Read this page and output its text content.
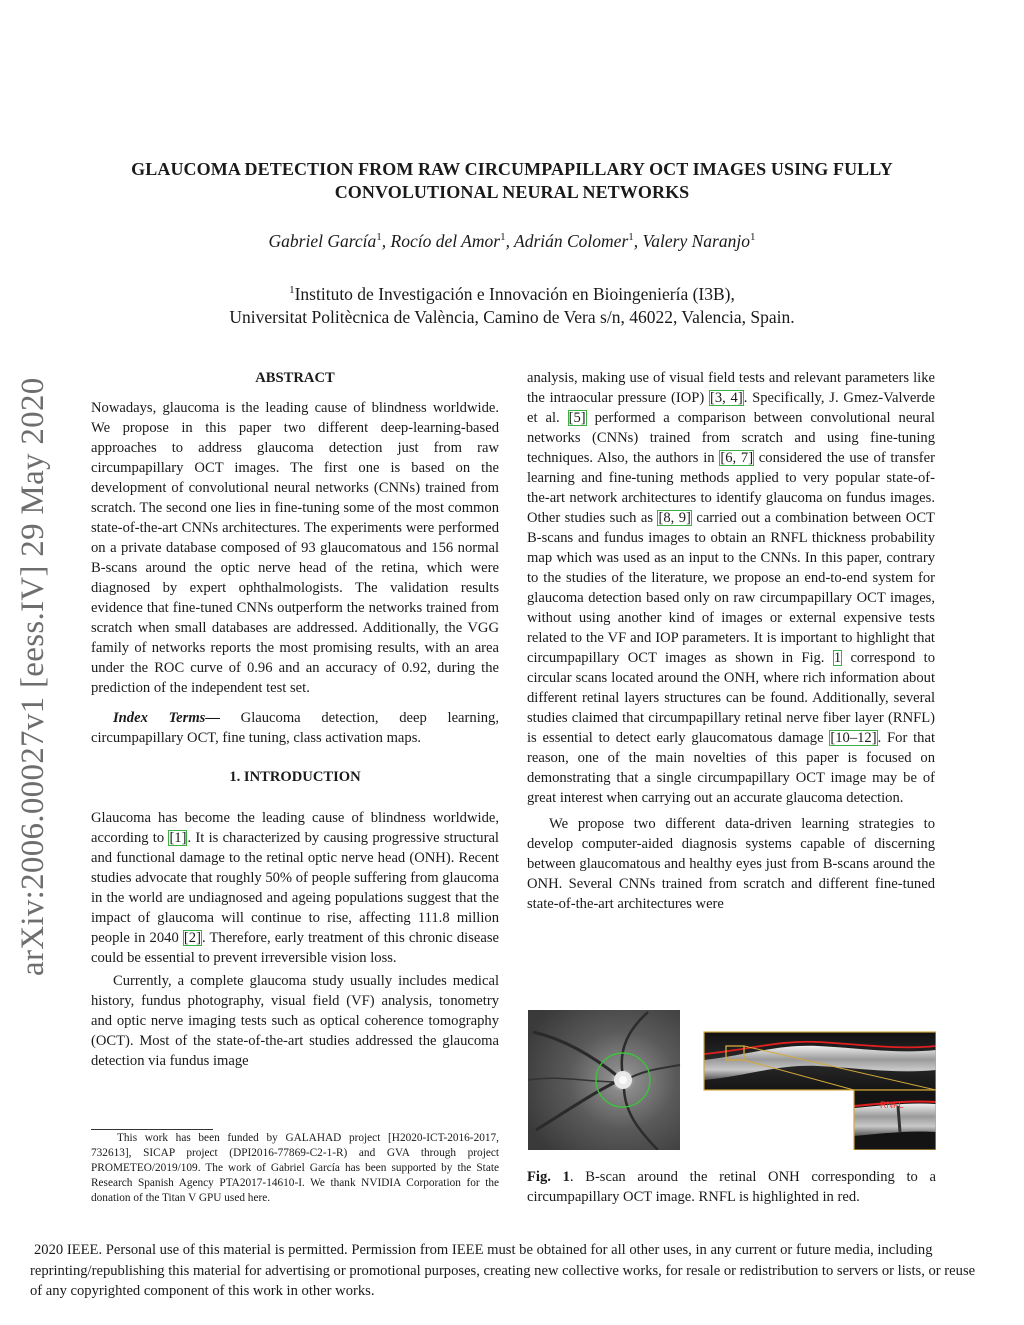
GLAUCOMA DETECTION FROM RAW CIRCUMPAPILLARY OCT IMAGES USING FULLY
CONVOLUTIONAL NEURAL NETWORKS
Gabriel García$^1$, Rocío del Amor$^1$, Adrián Colomer$^1$, Valery Naranjo$^1$
$^1$Instituto de Investigación e Innovación en Bioingeniería (I3B),
Universitat Politècnica de València, Camino de Vera s/n, 46022, Valencia, Spain.
arXiv:2006.00027v1 [eess.IV] 29 May 2020	ABSTRACT

Nowadays, glaucoma is the leading cause of blindness worldwide. We propose in this paper two different deep-learning-based approaches to address glaucoma detection just from raw circumpapillary OCT images. The first one is based on the development of convolutional neural networks (CNNs) trained from scratch. The second one lies in fine-tuning some of the most common state-of-the-art CNNs architectures. The experiments were performed on a private database composed of 93 glaucomatous and 156 normal B-scans around the optic nerve head of the retina, which were diagnosed by expert ophthalmologists. The validation results evidence that fine-tuned CNNs outperform the networks trained from scratch when small databases are addressed. Additionally, the VGG family of networks reports the most promising results, with an area under the ROC curve of 0.96 and an accuracy of 0.92, during the prediction of the independent test set.

Index Terms— Glaucoma detection, deep learning, circumpapillary OCT, fine tuning, class activation maps.

1. INTRODUCTION

Glaucoma has become the leading cause of blindness worldwide, according to [1]. It is characterized by causing progressive structural and functional damage to the retinal optic nerve head (ONH). Recent studies advocate that roughly 50% of people suffering from glaucoma in the world are undiagnosed and ageing populations suggest that the impact of glaucoma will continue to rise, affecting 111.8 million people in 2040 [2]. Therefore, early treatment of this chronic disease could be essential to prevent irreversible vision loss.

Currently, a complete glaucoma study usually includes medical history, fundus photography, visual field (VF) analysis, tonometry and optic nerve imaging tests such as optical coherence tomography (OCT). Most of the state-of-the-art studies addressed the glaucoma detection via fundus image

This work has been funded by GALAHAD project [H2020-ICT-2016-2017, 732613], SICAP project (DPI2016-77869-C2-1-R) and GVA through project PROMETEO/2019/109. The work of Gabriel García has been supported by the State Research Spanish Agency PTA2017-14610-I. We thank NVIDIA Corporation for the donation of the Titan V GPU used here.

analysis, making use of visual field tests and relevant parameters like the intraocular pressure (IOP) [3, 4]. Specifically, J. Gmez-Valverde et al. [5] performed a comparison between convolutional neural networks (CNNs) trained from scratch and using fine-tuning techniques. Also, the authors in [6, 7] considered the use of transfer learning and fine-tuning methods applied to very popular state-of-the-art network architectures to identify glaucoma on fundus images. Other studies such as [8, 9] carried out a combination between OCT B-scans and fundus images to obtain an RNFL thickness probability map which was used as an input to the CNNs. In this paper, contrary to the studies of the literature, we propose an end-to-end system for glaucoma detection based only on raw circumpapillary OCT images, without using another kind of images or external expensive tests related to the VF and IOP parameters. It is important to highlight that circumpapillary OCT images as shown in Fig. 1 correspond to circular scans located around the ONH, where rich information about different retinal layers structures can be found. Additionally, several studies claimed that circumpapillary retinal nerve fiber layer (RNFL) is essential to detect early glaucomatous damage [10–12]. For that reason, one of the main novelties of this paper is focused on demonstrating that a single circumpapillary OCT image may be of great interest when carrying out an accurate glaucoma detection.

We propose two different data-driven learning strategies to develop computer-aided diagnosis systems capable of discerning between glaucomatous and healthy eyes just from B-scans around the ONH. Several CNNs trained from scratch and different fine-tuned state-of-the-art architectures were

RNFL
Fig. 1. B-scan around the retinal ONH corresponding to a circumpapillary OCT image. RNFL is highlighted in red.
2020 IEEE. Personal use of this material is permitted. Permission from IEEE must be obtained for all other uses, in any current or future media, including reprinting/republishing this material for advertising or promotional purposes, creating new collective works, for resale or redistribution to servers or lists, or reuse of any copyrighted component of this work in other works.
